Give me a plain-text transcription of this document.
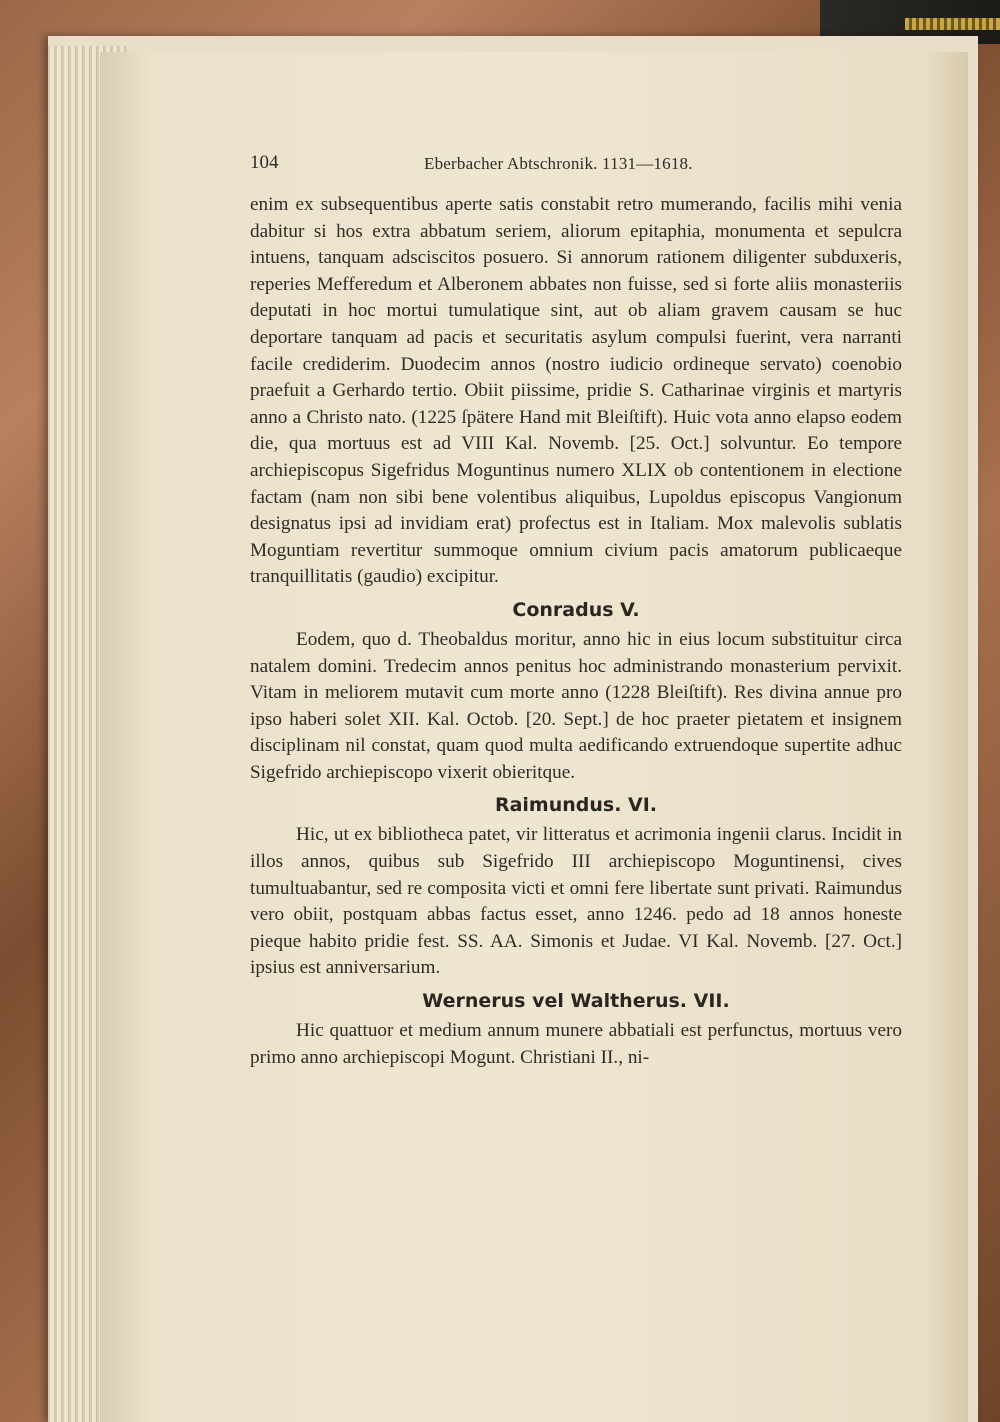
104	Eberbacher Abtschronik. 1131—1618.

enim ex subsequentibus aperte satis constabit retro mumerando, facilis mihi venia dabitur si hos extra abbatum seriem, aliorum epitaphia, monumenta et sepulcra intuens, tanquam adsciscitos posuero. Si annorum rationem diligenter subduxeris, reperies Mefferedum et Alberonem abbates non fuisse, sed si forte aliis monasteriis deputati in hoc mortui tumulatique sint, aut ob aliam gravem causam se huc deportare tanquam ad pacis et securitatis asylum compulsi fuerint, vera narranti facile crediderim. Duodecim annos (nostro iudicio ordineque servato) coenobio praefuit a Gerhardo tertio. Obiit piissime, pridie S. Catharinae virginis et martyris anno a Christo nato. (1225 ſpätere Hand mit Bleiſtift). Huic vota anno elapso eodem die, qua mortuus est ad VIII Kal. Novemb. [25. Oct.] solvuntur. Eo tempore archiepiscopus Sigefridus Moguntinus numero XLIX ob contentionem in electione factam (nam non sibi bene volentibus aliquibus, Lupoldus episcopus Vangionum designatus ipsi ad invidiam erat) profectus est in Italiam. Mox malevolis sublatis Moguntiam revertitur summoque omnium civium pacis amatorum publicaeque tranquillitatis (gaudio) excipitur.

Conradus V.

Eodem, quo d. Theobaldus moritur, anno hic in eius locum substituitur circa natalem domini. Tredecim annos penitus hoc administrando monasterium pervixit. Vitam in meliorem mutavit cum morte anno (1228 Bleiſtift). Res divina annue pro ipso haberi solet XII. Kal. Octob. [20. Sept.] de hoc praeter pietatem et insignem disciplinam nil constat, quam quod multa aedificando extruendoque supertite adhuc Sigefrido archiepiscopo vixerit obieritque.

Raimundus. VI.

Hic, ut ex bibliotheca patet, vir litteratus et acrimonia ingenii clarus. Incidit in illos annos, quibus sub Sigefrido III archiepiscopo Moguntinensi, cives tumultuabantur, sed re composita victi et omni fere libertate sunt privati. Raimundus vero obiit, postquam abbas factus esset, anno 1246. pedo ad 18 annos honeste pieque habito pridie fest. SS. AA. Simonis et Judae. VI Kal. Novemb. [27. Oct.] ipsius est anniversarium.

Wernerus vel Waltherus. VII.

Hic quattuor et medium annum munere abbatiali est perfunctus, mortuus vero primo anno archiepiscopi Mogunt. Christiani II., ni-
